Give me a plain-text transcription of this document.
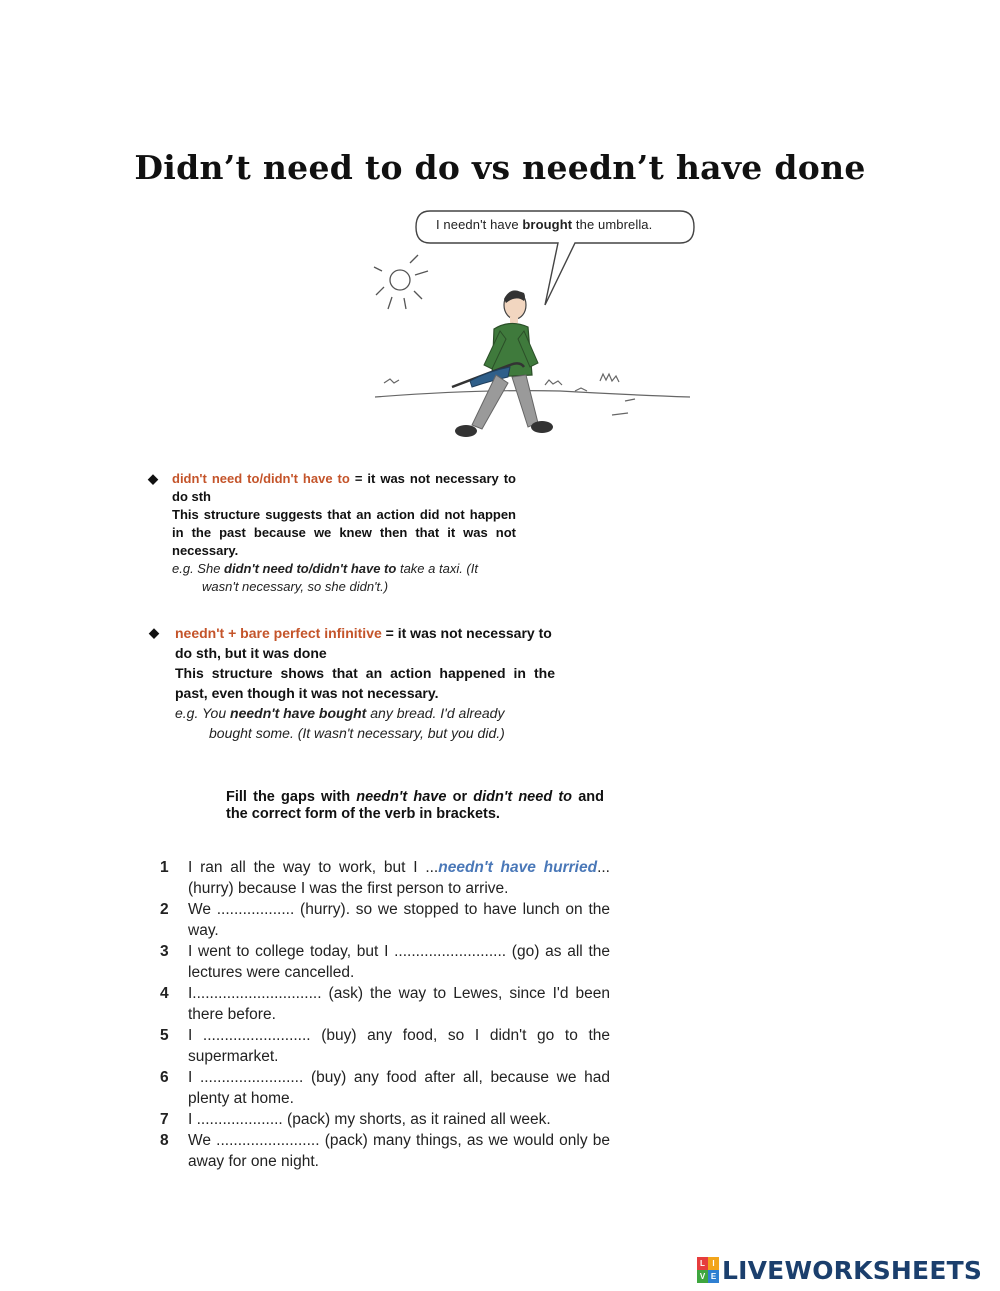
Didn’t need to do vs needn’t have done
I needn't have brought the umbrella.
◆ didn't need to/didn't have to = it was not necessary to do sth
This structure suggests that an action did not happen in the past because we knew then that it was not necessary.
e.g. She didn't need to/didn't have to take a taxi. (It
wasn't necessary, so she didn't.)
◆ needn't + bare perfect infinitive = it was not necessary to do sth, but it was done
This structure shows that an action happened in the past, even though it was not necessary.
e.g. You needn't have bought any bread. I'd already
bought some. (It wasn't necessary, but you did.)
Fill the gaps with needn't have or didn't need to and the correct form of the verb in brackets.
1	I ran all the way to work, but I ...needn't have hurried... (hurry) because I was the first person to arrive.
2	We .................. (hurry). so we stopped to have lunch on the way.
3	I went to college today, but I .......................... (go) as all the lectures were cancelled.
4	I.............................. (ask) the way to Lewes, since I'd been there before.
5	I ......................... (buy) any food, so I didn't go to the supermarket.
6	I ........................ (buy) any food after all, because we had plenty at home.
7	I .................... (pack) my shorts, as it rained all week.
8	We ........................ (pack) many things, as we would only be away for one night.
L I
V E LIVEWORKSHEETS
